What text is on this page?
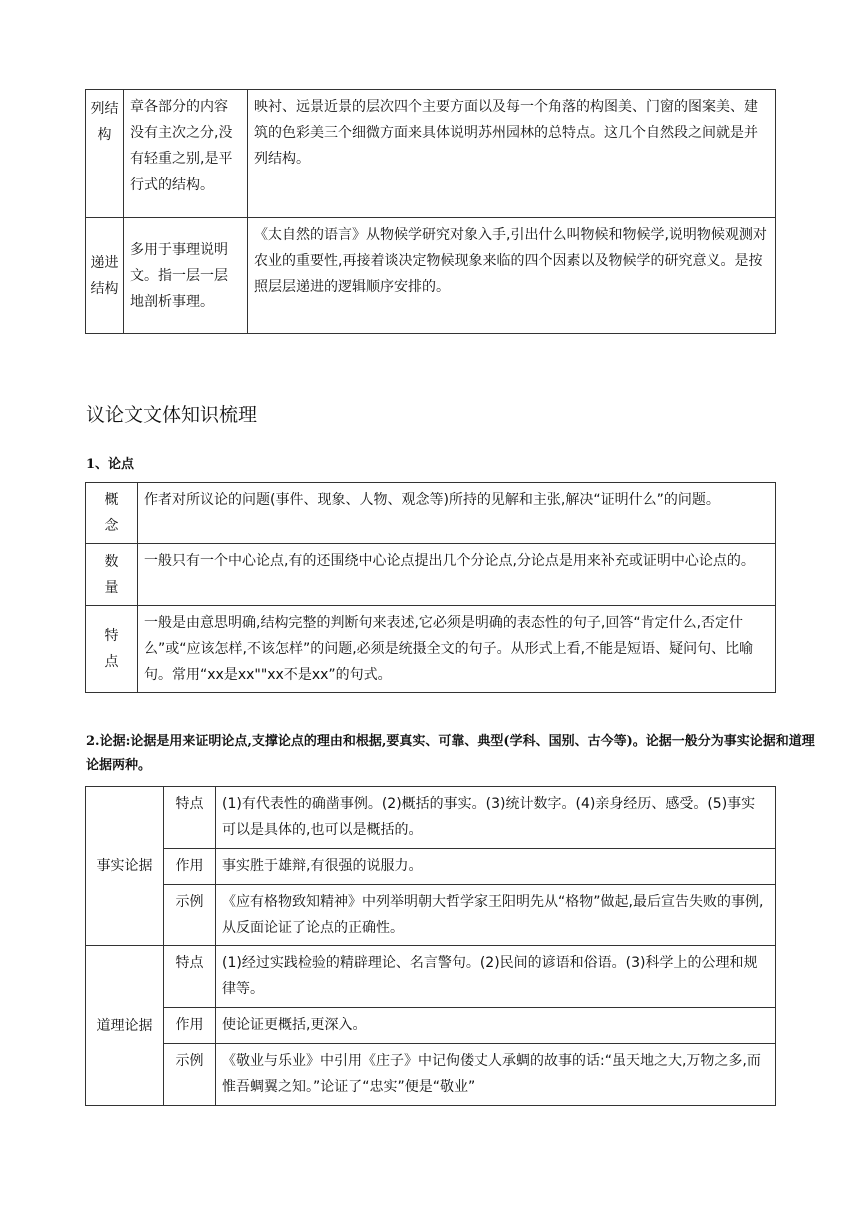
列结构	章各部分的内容没有主次之分,没有轻重之别,是平行式的结构。	映衬、远景近景的层次四个主要方面以及每一个角落的构图美、门窗的图案美、建筑的色彩美三个细微方面来具体说明苏州园林的总特点。这几个自然段之间就是并列结构。
递进结构	多用于事理说明文。指一层一层地剖析事理。	《太自然的语言》从物候学研究对象入手,引出什么叫物候和物候学,说明物候观测对农业的重要性,再接着谈决定物候现象来临的四个因素以及物候学的研究意义。是按照层层递进的逻辑顺序安排的。
议论文文体知识梳理
1、论点
概念	作者对所议论的问题(事件、现象、人物、观念等)所持的见解和主张,解决“证明什么”的问题。
数量	一般只有一个中心论点,有的还围绕中心论点提出几个分论点,分论点是用来补充或证明中心论点的。
特点	一般是由意思明确,结构完整的判断句来表述,它必须是明确的表态性的句子,回答“肯定什么,否定什么”或“应该怎样,不该怎样”的问题,必须是统摄全文的句子。从形式上看,不能是短语、疑问句、比喻句。常用“xx是xx""xx不是xx”的句式。
2.论据:论据是用来证明论点,支撑论点的理由和根据,要真实、可靠、典型(学科、国别、古今等)。论据一般分为事实论据和道理论据两种。
事实论据	特点	(1)有代表性的确凿事例。(2)概括的事实。(3)统计数字。(4)亲身经历、感受。(5)事实可以是具体的,也可以是概括的。
	作用	事实胜于雄辩,有很强的说服力。
	示例	《应有格物致知精神》中列举明朝大哲学家王阳明先从“格物”做起,最后宣告失败的事例, 从反面论证了论点的正确性。
道理论据	特点	(1)经过实践检验的精辟理论、名言警句。(2)民间的谚语和俗语。(3)科学上的公理和规律等。
	作用	使论证更概括,更深入。
	示例	《敬业与乐业》中引用《庄子》中记佝偻丈人承蜩的故事的话:“虽天地之大,万物之多,而惟吾蜩翼之知。”论证了“忠实”便是“敬业”
